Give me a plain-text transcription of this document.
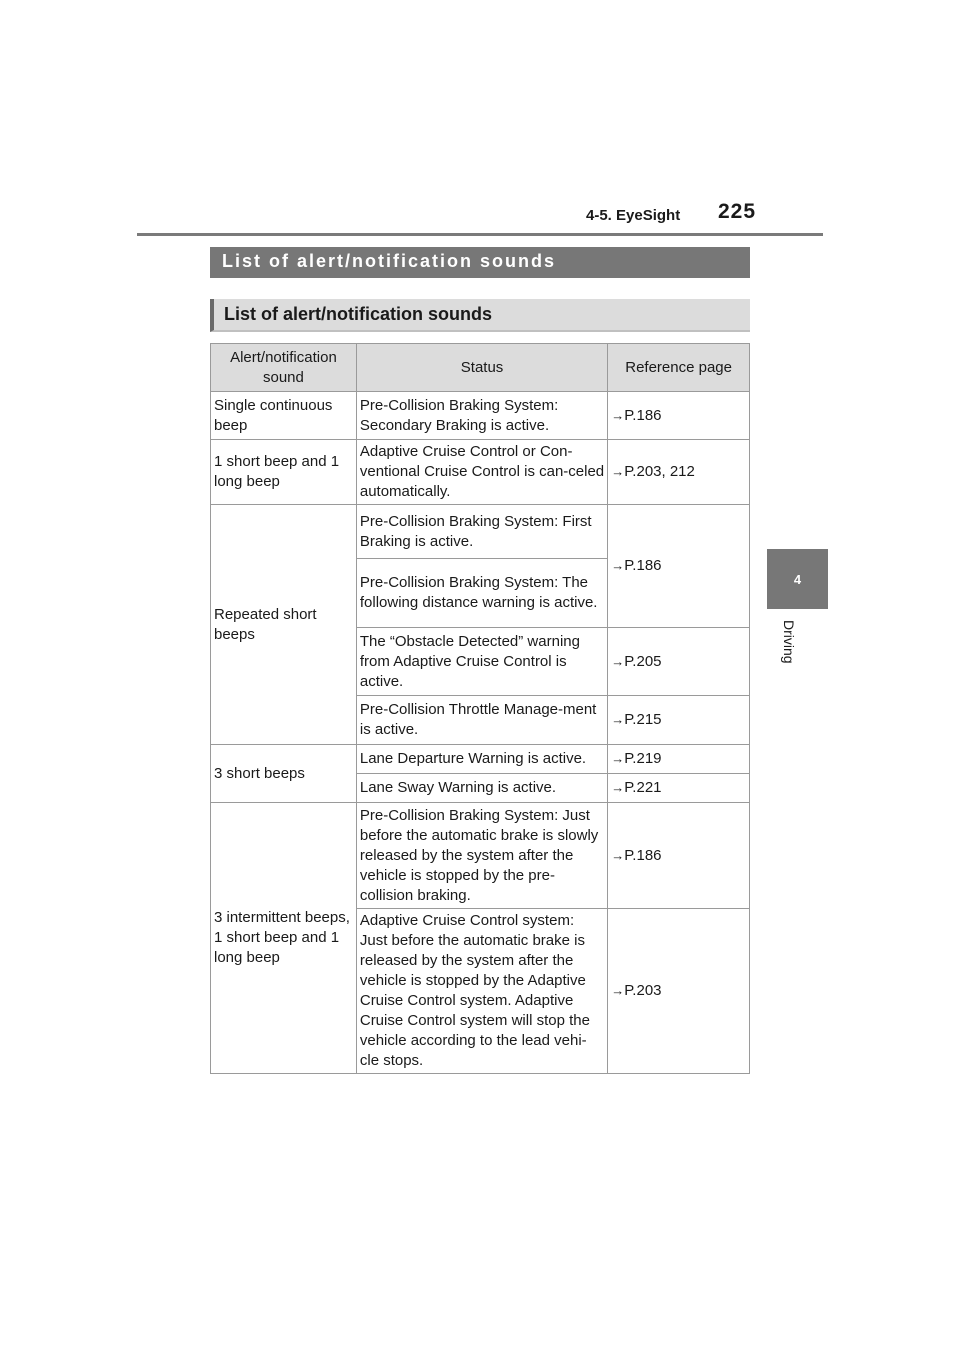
4-5. EyeSight 225
4
Driving
List of alert/notification sounds
List of alert/notification sounds
Alert/notification sound	Status	Reference page
Single continuous beep	Pre-Collision Braking System: Secondary Braking is active.	→P.186
1 short beep and 1 long beep	Adaptive Cruise Control or Con-ventional Cruise Control is can-celed automatically.	→P.203, 212
Repeated short beeps	Pre-Collision Braking System: First Braking is active.	→P.186
	Pre-Collision Braking System: The following distance warning is active.	
	The “Obstacle Detected” warning from Adaptive Cruise Control is active.	→P.205
	Pre-Collision Throttle Manage-ment is active.	→P.215
3 short beeps	Lane Departure Warning is active.	→P.219
	Lane Sway Warning is active.	→P.221
3 intermittent beeps, 1 short beep and 1 long beep	Pre-Collision Braking System: Just before the automatic brake is slowly released by the system after the vehicle is stopped by the pre-collision braking.	→P.186
	Adaptive Cruise Control system: Just before the automatic brake is released by the system after the vehicle is stopped by the Adaptive Cruise Control system. Adaptive Cruise Control system will stop the vehicle according to the lead vehi-cle stops.	→P.203
